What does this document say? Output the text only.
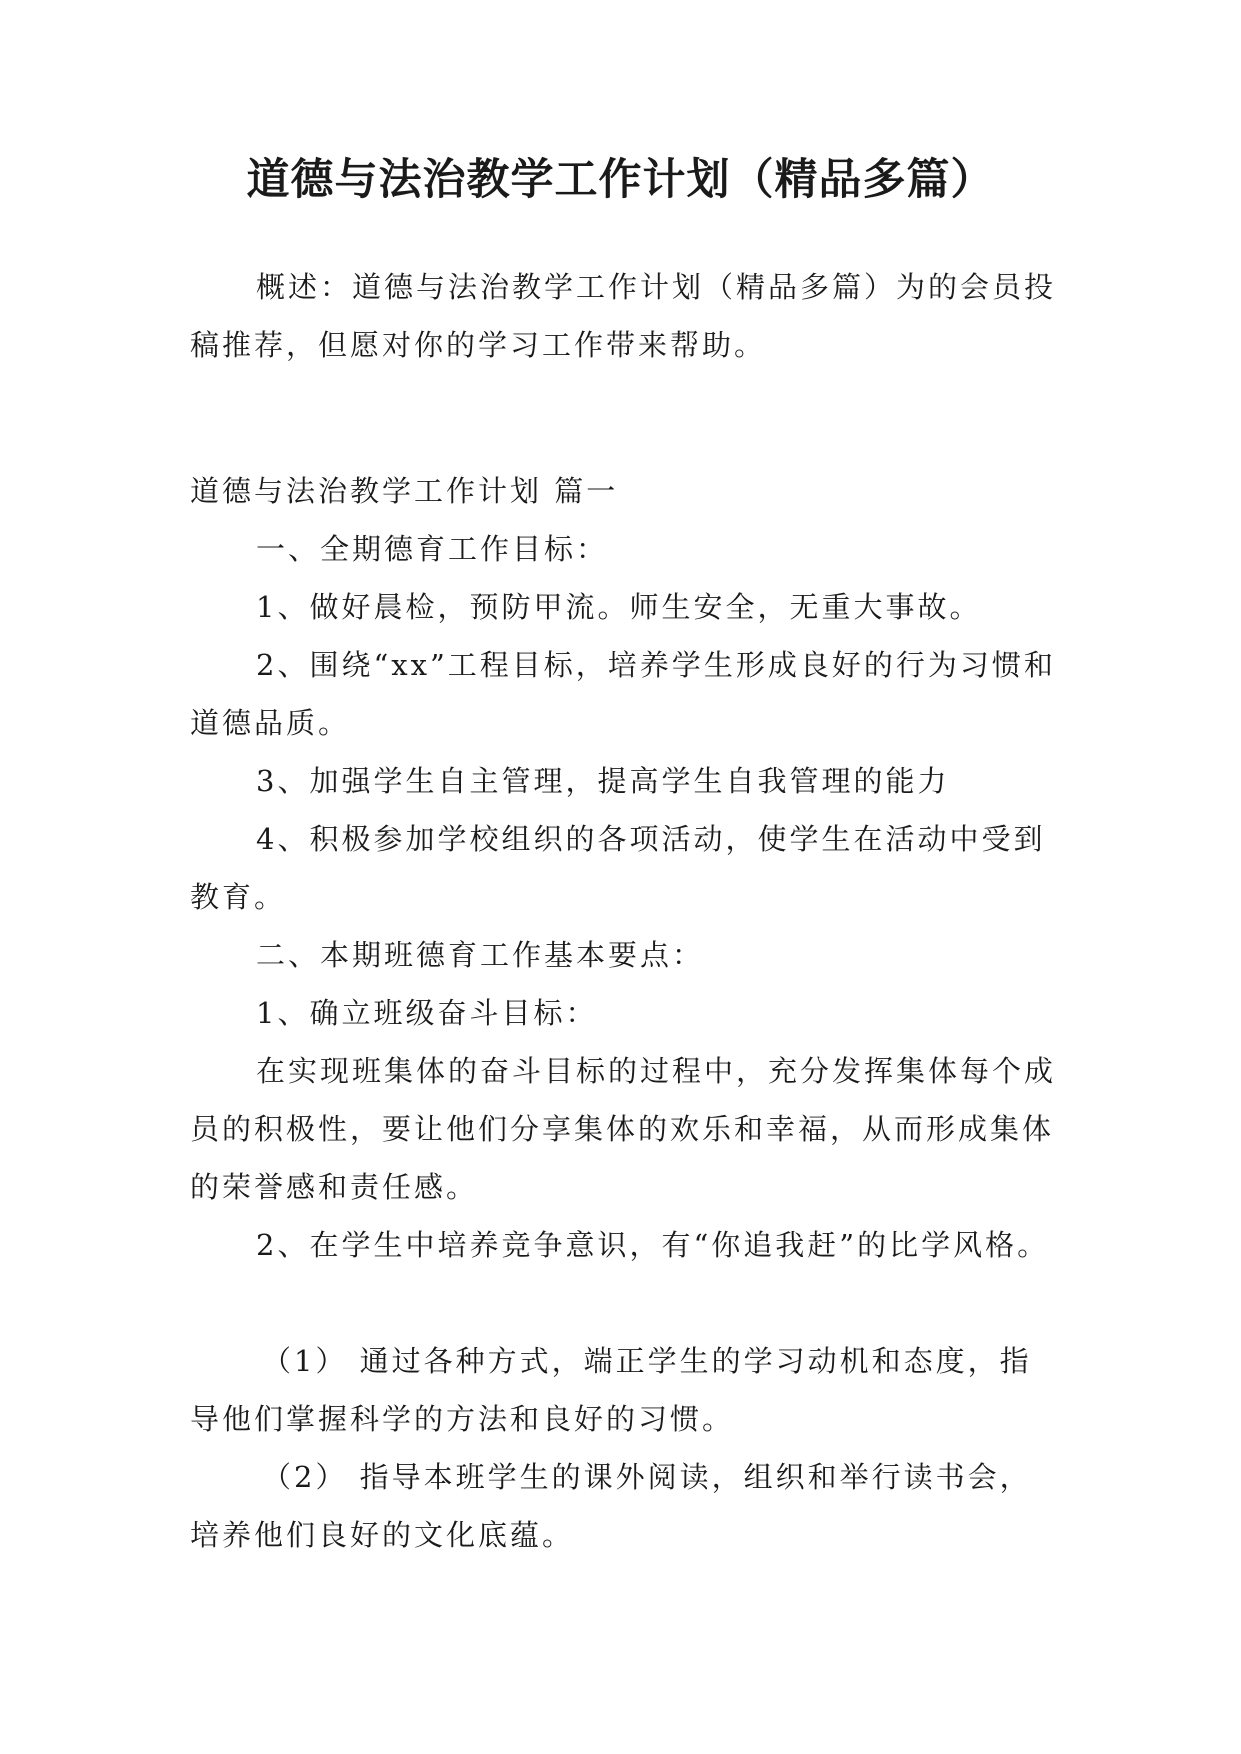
道德与法治教学工作计划（精品多篇）

概述：道德与法治教学工作计划（精品多篇）为的会员投稿推荐，但愿对你的学习工作带来帮助。

道德与法治教学工作计划 篇一

一、全期德育工作目标：

1、做好晨检，预防甲流。师生安全，无重大事故。

2、围绕“xx”工程目标，培养学生形成良好的行为习惯和道德品质。

3、加强学生自主管理，提高学生自我管理的能力

4、积极参加学校组织的各项活动，使学生在活动中受到教育。

二、本期班德育工作基本要点：

1、确立班级奋斗目标：

在实现班集体的奋斗目标的过程中，充分发挥集体每个成员的积极性，要让他们分享集体的欢乐和幸福，从而形成集体的荣誉感和责任感。

2、在学生中培养竞争意识，有“你追我赶”的比学风格。

（1） 通过各种方式，端正学生的学习动机和态度，指导他们掌握科学的方法和良好的习惯。

（2） 指导本班学生的课外阅读，组织和举行读书会，培养他们良好的文化底蕴。
